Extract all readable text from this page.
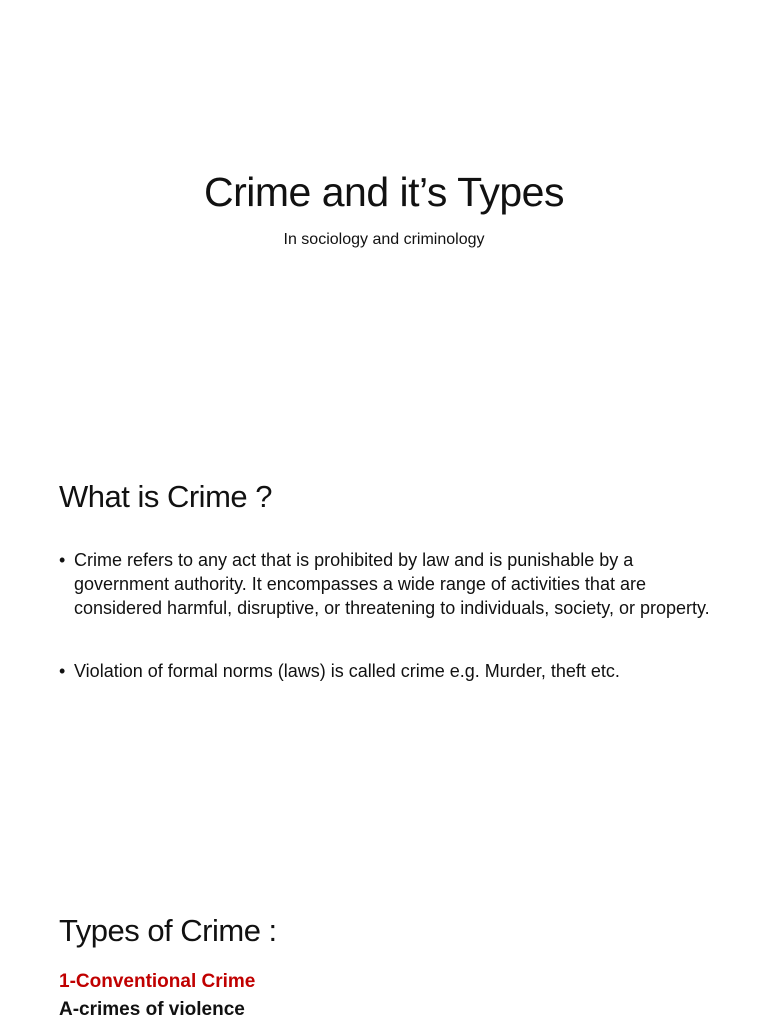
Crime and it’s Types

In sociology and criminology

What is Crime ?
• Crime refers to any act that is prohibited by law and is punishable by a government authority. It encompasses a wide range of activities that are considered harmful, disruptive, or threatening to individuals, society, or property.
• Violation of formal norms (laws) is called crime e.g. Murder, theft etc.
Types of Crime :

1-Conventional Crime

A-crimes of violence
